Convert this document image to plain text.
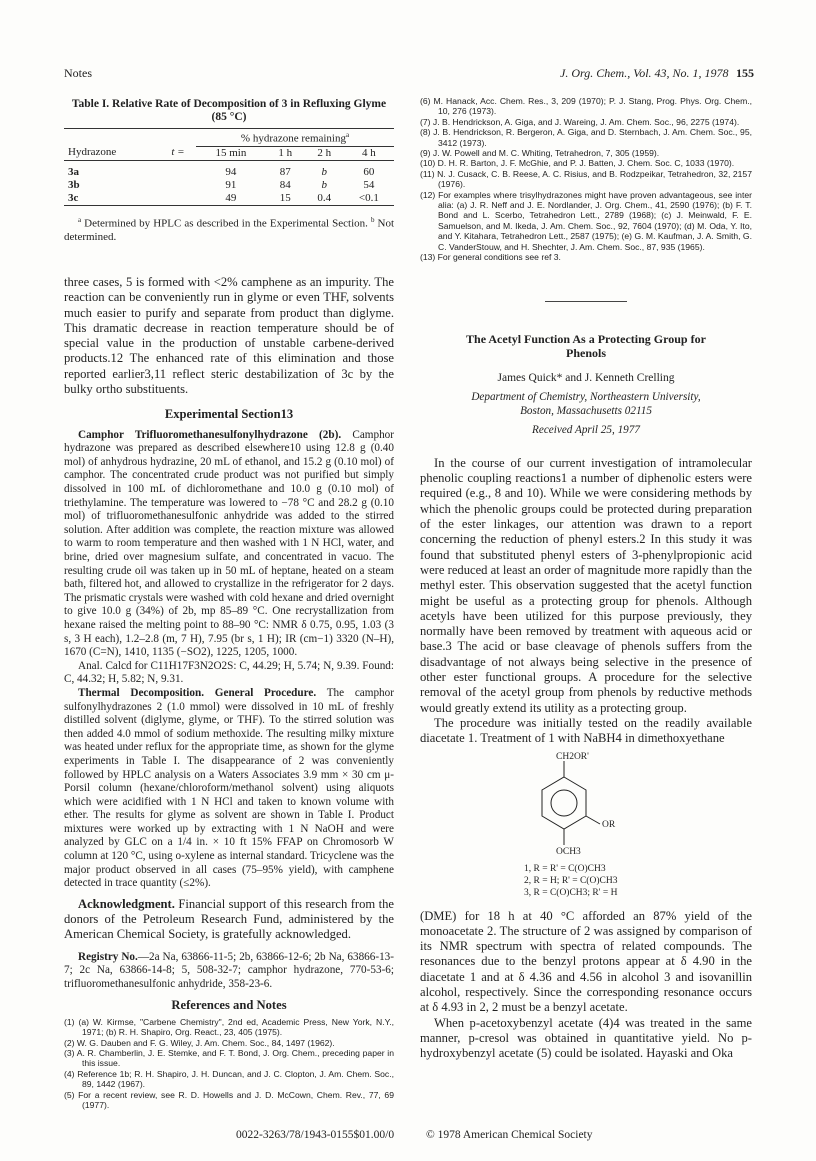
Notes	J. Org. Chem., Vol. 43, No. 1, 1978 155
Table I. Relative Rate of Decomposition of 3 in Refluxing Glyme (85 °C)
		% hydrazone remaining$^a$
Hydrazone	t =	15 min	1 h	2 h	4 h

3a		94	87	b	60
3b		91	84	b	54
3c		49	15	0.4	<0.1
$^a$ Determined by HPLC as described in the Experimental Section. $^b$ Not determined.

three cases, 5 is formed with <2% camphene as an impurity. The reaction can be conveniently run in glyme or even THF, solvents much easier to purify and separate from product than diglyme. This dramatic decrease in reaction temperature should be of special value in the production of unstable carbene-derived products.12 The enhanced rate of this elimination and those reported earlier3,11 reflect steric destabilization of 3c by the bulky ortho substituents.

Experimental Section13

Camphor Trifluoromethanesulfonylhydrazone (2b). Camphor hydrazone was prepared as described elsewhere10 using 12.8 g (0.40 mol) of anhydrous hydrazine, 20 mL of ethanol, and 15.2 g (0.10 mol) of camphor. The concentrated crude product was not purified but simply dissolved in 100 mL of dichloromethane and 10.0 g (0.10 mol) of triethylamine. The temperature was lowered to −78 °C and 28.2 g (0.10 mol) of trifluoromethanesulfonic anhydride was added to the stirred solution. After addition was complete, the reaction mixture was allowed to warm to room temperature and then washed with 1 N HCl, water, and brine, dried over magnesium sulfate, and concentrated in vacuo. The resulting crude oil was taken up in 50 mL of heptane, heated on a steam bath, filtered hot, and allowed to crystallize in the refrigerator for 2 days. The prismatic crystals were washed with cold hexane and dried overnight to give 10.0 g (34%) of 2b, mp 85–89 °C. One recrystallization from hexane raised the melting point to 88–90 °C: NMR δ 0.75, 0.95, 1.03 (3 s, 3 H each), 1.2–2.8 (m, 7 H), 7.95 (br s, 1 H); IR (cm−1) 3320 (N–H), 1670 (C=N), 1410, 1135 (−SO2), 1225, 1205, 1000.

Anal. Calcd for C11H17F3N2O2S: C, 44.29; H, 5.74; N, 9.39. Found: C, 44.32; H, 5.82; N, 9.31.

Thermal Decomposition. General Procedure. The camphor sulfonylhydrazones 2 (1.0 mmol) were dissolved in 10 mL of freshly distilled solvent (diglyme, glyme, or THF). To the stirred solution was then added 4.0 mmol of sodium methoxide. The resulting milky mixture was heated under reflux for the appropriate time, as shown for the glyme experiments in Table I. The disappearance of 2 was conveniently followed by HPLC analysis on a Waters Associates 3.9 mm × 30 cm μ-Porsil column (hexane/chloroform/methanol solvent) using aliquots which were acidified with 1 N HCl and taken to known volume with ether. The results for glyme as solvent are shown in Table I. Product mixtures were worked up by extracting with 1 N NaOH and were analyzed by GLC on a 1/4 in. × 10 ft 15% FFAP on Chromosorb W column at 120 °C, using o-xylene as internal standard. Tricyclene was the major product observed in all cases (75–95% yield), with camphene detected in trace quantity (≤2%).

Acknowledgment. Financial support of this research from the donors of the Petroleum Research Fund, administered by the American Chemical Society, is gratefully acknowledged.

Registry No.—2a Na, 63866-11-5; 2b, 63866-12-6; 2b Na, 63866-13-7; 2c Na, 63866-14-8; 5, 508-32-7; camphor hydrazone, 770-53-6; trifluoromethanesulfonic anhydride, 358-23-6.

References and Notes
(1) (a) W. Kirmse, "Carbene Chemistry", 2nd ed, Academic Press, New York, N.Y., 1971; (b) R. H. Shapiro, Org. React., 23, 405 (1975).
(2) W. G. Dauben and F. G. Wiley, J. Am. Chem. Soc., 84, 1497 (1962).
(3) A. R. Chamberlin, J. E. Stemke, and F. T. Bond, J. Org. Chem., preceding paper in this issue.
(4) Reference 1b; R. H. Shapiro, J. H. Duncan, and J. C. Clopton, J. Am. Chem. Soc., 89, 1442 (1967).
(5) For a recent review, see R. D. Howells and J. D. McCown, Chem. Rev., 77, 69 (1977).
(6) M. Hanack, Acc. Chem. Res., 3, 209 (1970); P. J. Stang, Prog. Phys. Org. Chem., 10, 276 (1973).
(7) J. B. Hendrickson, A. Giga, and J. Wareing, J. Am. Chem. Soc., 96, 2275 (1974).
(8) J. B. Hendrickson, R. Bergeron, A. Giga, and D. Sternbach, J. Am. Chem. Soc., 95, 3412 (1973).
(9) J. W. Powell and M. C. Whiting, Tetrahedron, 7, 305 (1959).
(10) D. H. R. Barton, J. F. McGhie, and P. J. Batten, J. Chem. Soc. C, 1033 (1970).
(11) N. J. Cusack, C. B. Reese, A. C. Risius, and B. Rodzpeikar, Tetrahedron, 32, 2157 (1976).
(12) For examples where trisylhydrazones might have proven advantageous, see inter alia: (a) J. R. Neff and J. E. Nordlander, J. Org. Chem., 41, 2590 (1976); (b) F. T. Bond and L. Scerbo, Tetrahedron Lett., 2789 (1968); (c) J. Meinwald, F. E. Samuelson, and M. Ikeda, J. Am. Chem. Soc., 92, 7604 (1970); (d) M. Oda, Y. Ito, and Y. Kitahara, Tetrahedron Lett., 2587 (1975); (e) G. M. Kaufman, J. A. Smith, G. C. VanderStouw, and H. Shechter, J. Am. Chem. Soc., 87, 935 (1965).
(13) For general conditions see ref 3.
The Acetyl Function As a Protecting Group for Phenols
James Quick* and J. Kenneth Crelling
Department of Chemistry, Northeastern University,
Boston, Massachusetts 02115
Received April 25, 1977

In the course of our current investigation of intramolecular phenolic coupling reactions1 a number of diphenolic esters were required (e.g., 8 and 10). While we were considering methods by which the phenolic groups could be protected during preparation of the ester linkages, our attention was drawn to a report concerning the reduction of phenyl esters.2 In this study it was found that substituted phenyl esters of 3-phenylpropionic acid were reduced at least an order of magnitude more rapidly than the methyl ester. This observation suggested that the acetyl function might be useful as a protecting group for phenols. Although acetyls have been utilized for this purpose previously, they normally have been removed by treatment with aqueous acid or base.3 The acid or base cleavage of phenols suffers from the disadvantage of not always being selective in the presence of other ester functional groups. A procedure for the selective removal of the acetyl group from phenols by reductive methods would greatly extend its utility as a protecting group.

The procedure was initially tested on the readily available diacetate 1. Treatment of 1 with NaBH4 in dimethoxyethane

CH2OR'
OR
OCH3
1, R = R' = C(O)CH3
2, R = H; R' = C(O)CH3
3, R = C(O)CH3; R' = H

(DME) for 18 h at 40 °C afforded an 87% yield of the monoacetate 2. The structure of 2 was assigned by comparison of its NMR spectrum with spectra of related compounds. The resonances due to the benzyl protons appear at δ 4.90 in the diacetate 1 and at δ 4.36 and 4.56 in alcohol 3 and isovanillin alcohol, respectively. Since the corresponding resonance occurs at δ 4.93 in 2, 2 must be a benzyl acetate.

When p-acetoxybenzyl acetate (4)4 was treated in the same manner, p-cresol was obtained in quantitative yield. No p-hydroxybenzyl acetate (5) could be isolated. Hayaski and Oka

0022-3263/78/1943-0155$01.00/0	© 1978 American Chemical Society
